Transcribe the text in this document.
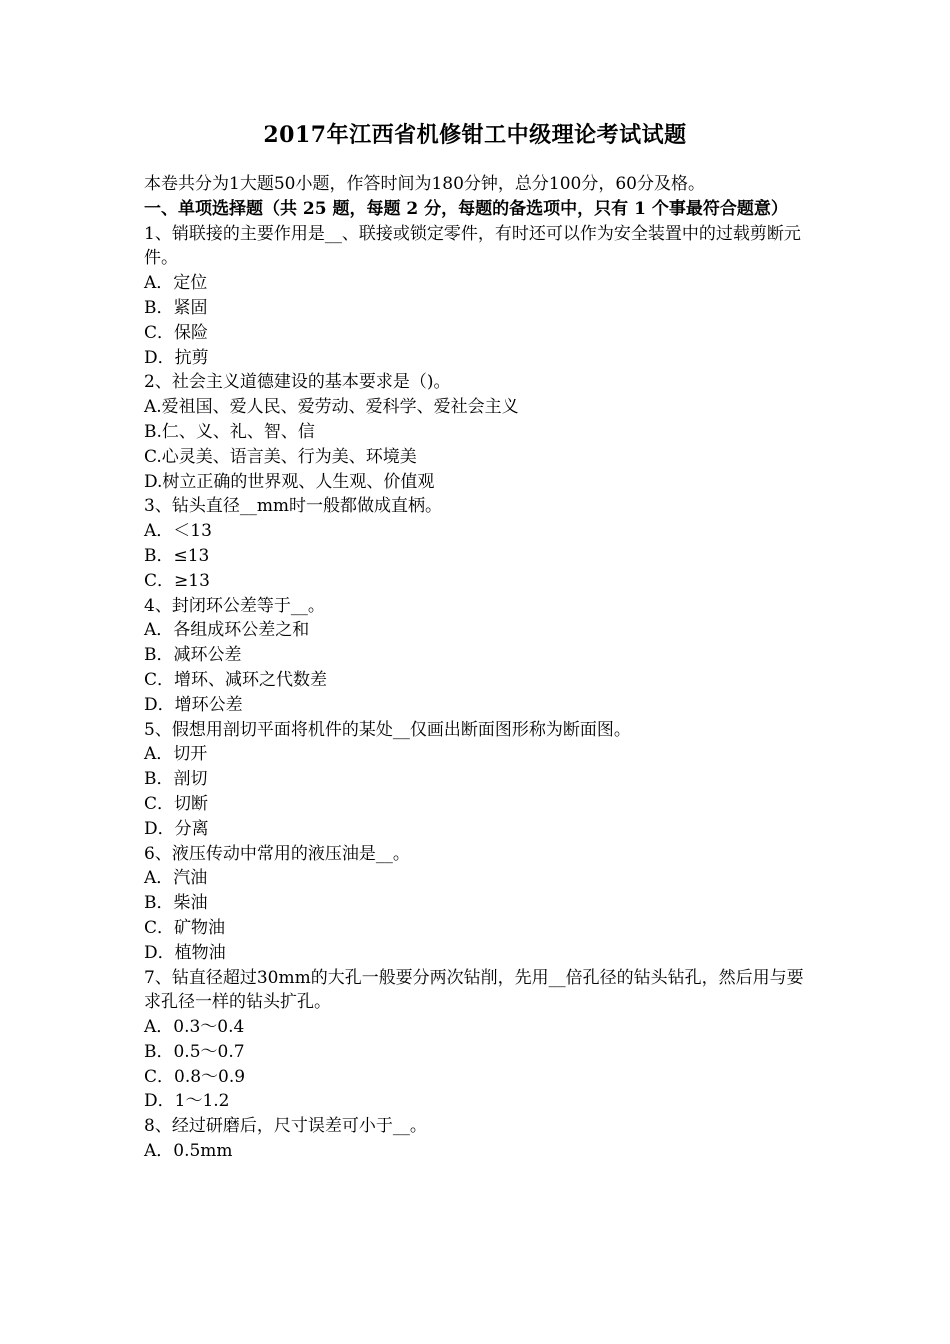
2017年江西省机修钳工中级理论考试试题

本卷共分为1大题50小题，作答时间为180分钟，总分100分，60分及格。

一、单项选择题（共 25 题，每题 2 分，每题的备选项中，只有 1 个事最符合题意）

1、销联接的主要作用是__、联接或锁定零件，有时还可以作为安全装置中的过载剪断元件。

A．定位

B．紧固

C．保险

D．抗剪

2、社会主义道德建设的基本要求是（)。

A.爱祖国、爱人民、爱劳动、爱科学、爱社会主义

B.仁、义、礼、智、信

C.心灵美、语言美、行为美、环境美

D.树立正确的世界观、人生观、价值观

3、钻头直径__mm时一般都做成直柄。

A．＜13

B．≤13

C．≥13

4、封闭环公差等于__。

A．各组成环公差之和

B．减环公差

C．增环、减环之代数差

D．增环公差

5、假想用剖切平面将机件的某处__仅画出断面图形称为断面图。

A．切开

B．剖切

C．切断

D．分离

6、液压传动中常用的液压油是__。

A．汽油

B．柴油

C．矿物油

D．植物油

7、钻直径超过30mm的大孔一般要分两次钻削，先用__倍孔径的钻头钻孔，然后用与要求孔径一样的钻头扩孔。

A．0.3～0.4

B．0.5～0.7

C．0.8～0.9

D．1～1.2

8、经过研磨后，尺寸误差可小于__。

A．0.5mm
